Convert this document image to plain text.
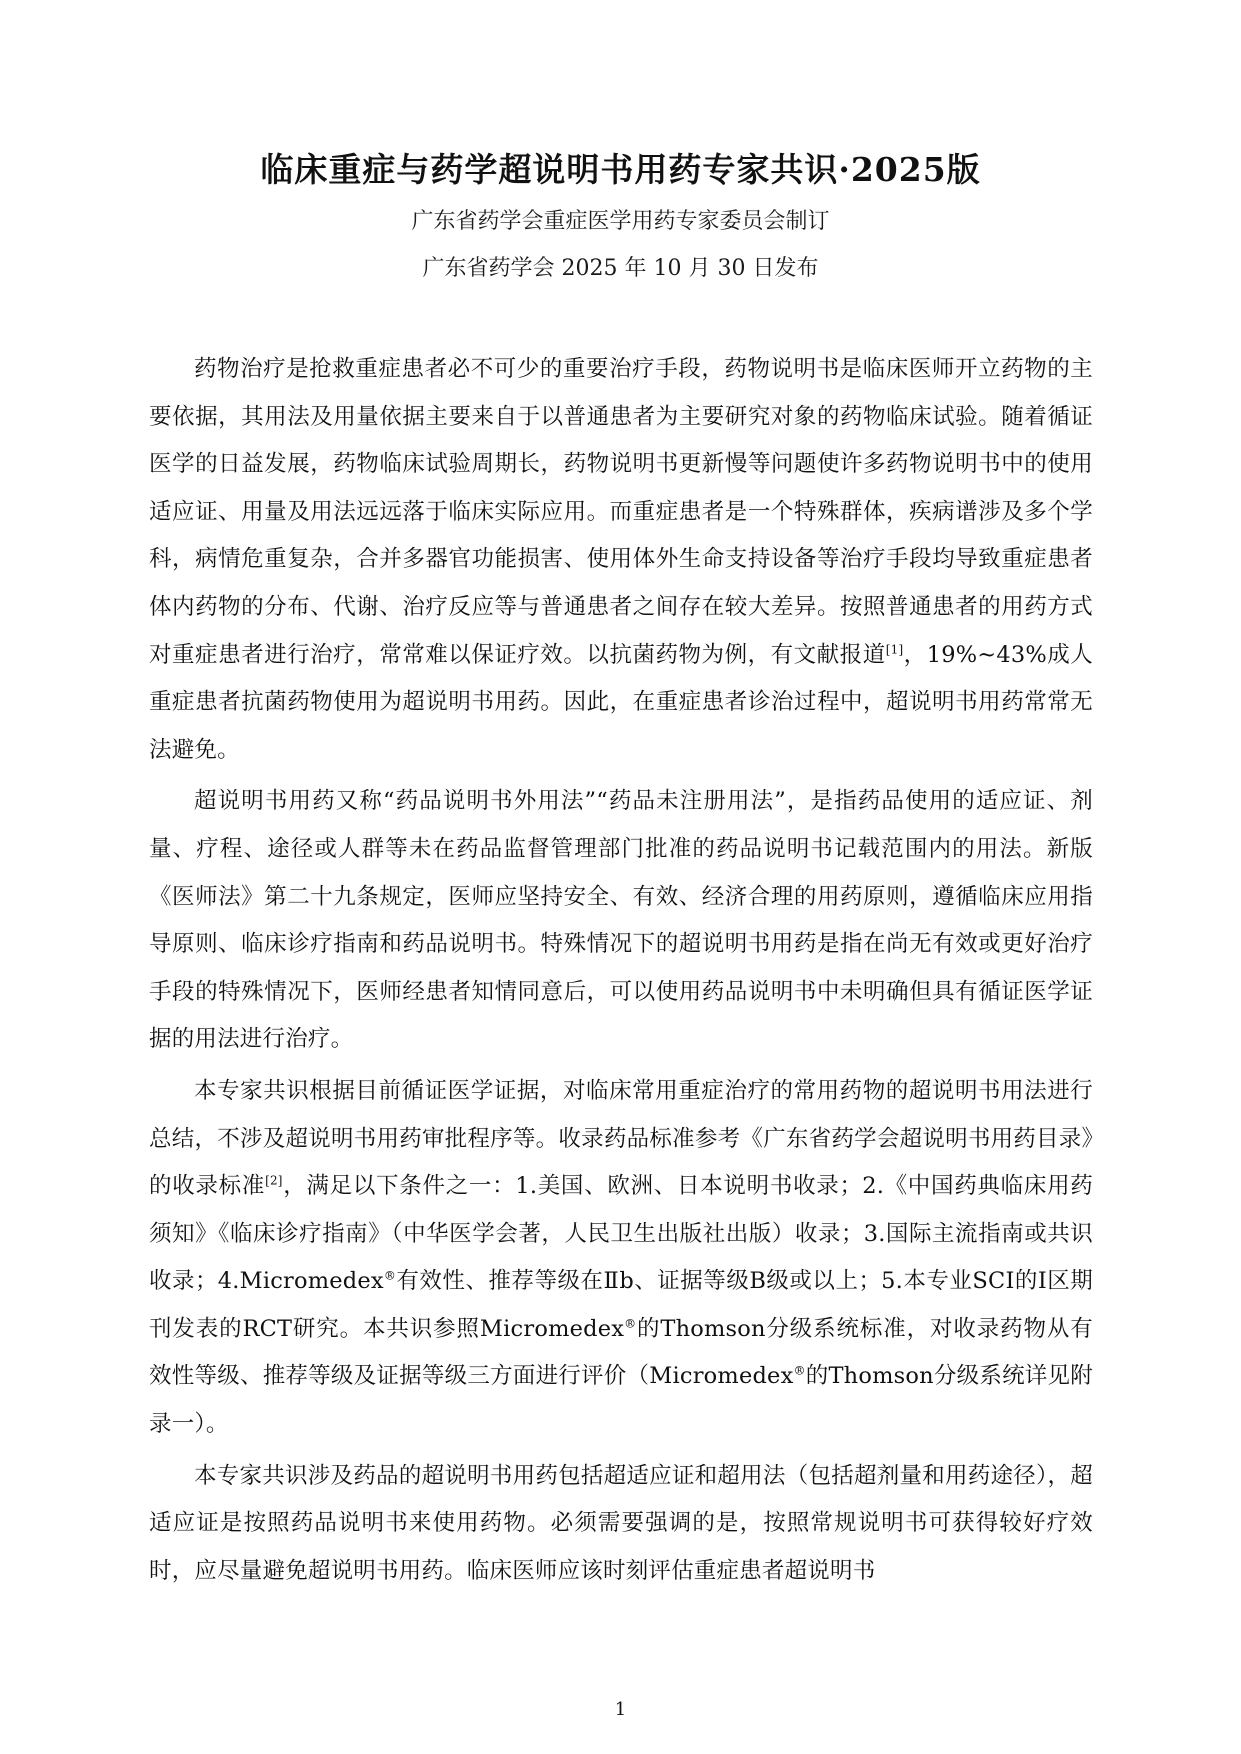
临床重症与药学超说明书用药专家共识·2025版
广东省药学会重症医学用药专家委员会制订
广东省药学会 2025 年 10 月 30 日发布

药物治疗是抢救重症患者必不可少的重要治疗手段，药物说明书是临床医师开立药物的主要依据，其用法及用量依据主要来自于以普通患者为主要研究对象的药物临床试验。随着循证医学的日益发展，药物临床试验周期长，药物说明书更新慢等问题使许多药物说明书中的使用适应证、用量及用法远远落于临床实际应用。而重症患者是一个特殊群体，疾病谱涉及多个学科，病情危重复杂，合并多器官功能损害、使用体外生命支持设备等治疗手段均导致重症患者体内药物的分布、代谢、治疗反应等与普通患者之间存在较大差异。按照普通患者的用药方式对重症患者进行治疗，常常难以保证疗效。以抗菌药物为例，有文献报道[1]，19%~43%成人重症患者抗菌药物使用为超说明书用药。因此，在重症患者诊治过程中，超说明书用药常常无法避免。

超说明书用药又称“药品说明书外用法”“药品未注册用法”，是指药品使用的适应证、剂量、疗程、途径或人群等未在药品监督管理部门批准的药品说明书记载范围内的用法。新版《医师法》第二十九条规定，医师应坚持安全、有效、经济合理的用药原则，遵循临床应用指导原则、临床诊疗指南和药品说明书。特殊情况下的超说明书用药是指在尚无有效或更好治疗手段的特殊情况下，医师经患者知情同意后，可以使用药品说明书中未明确但具有循证医学证据的用法进行治疗。

本专家共识根据目前循证医学证据，对临床常用重症治疗的常用药物的超说明书用法进行总结，不涉及超说明书用药审批程序等。收录药品标准参考《广东省药学会超说明书用药目录》的收录标准[2]，满足以下条件之一：1.美国、欧洲、日本说明书收录；2.《中国药典临床用药须知》《临床诊疗指南》（中华医学会著，人民卫生出版社出版）收录；3.国际主流指南或共识收录；4.Micromedex®有效性、推荐等级在Ⅱb、证据等级B级或以上；5.本专业SCI的Ⅰ区期刊发表的RCT研究。本共识参照Micromedex®的Thomson分级系统标准，对收录药物从有效性等级、推荐等级及证据等级三方面进行评价（Micromedex®的Thomson分级系统详见附录一）。

本专家共识涉及药品的超说明书用药包括超适应证和超用法（包括超剂量和用药途径），超适应证是按照药品说明书来使用药物。必须需要强调的是，按照常规说明书可获得较好疗效时，应尽量避免超说明书用药。临床医师应该时刻评估重症患者超说明书

1
